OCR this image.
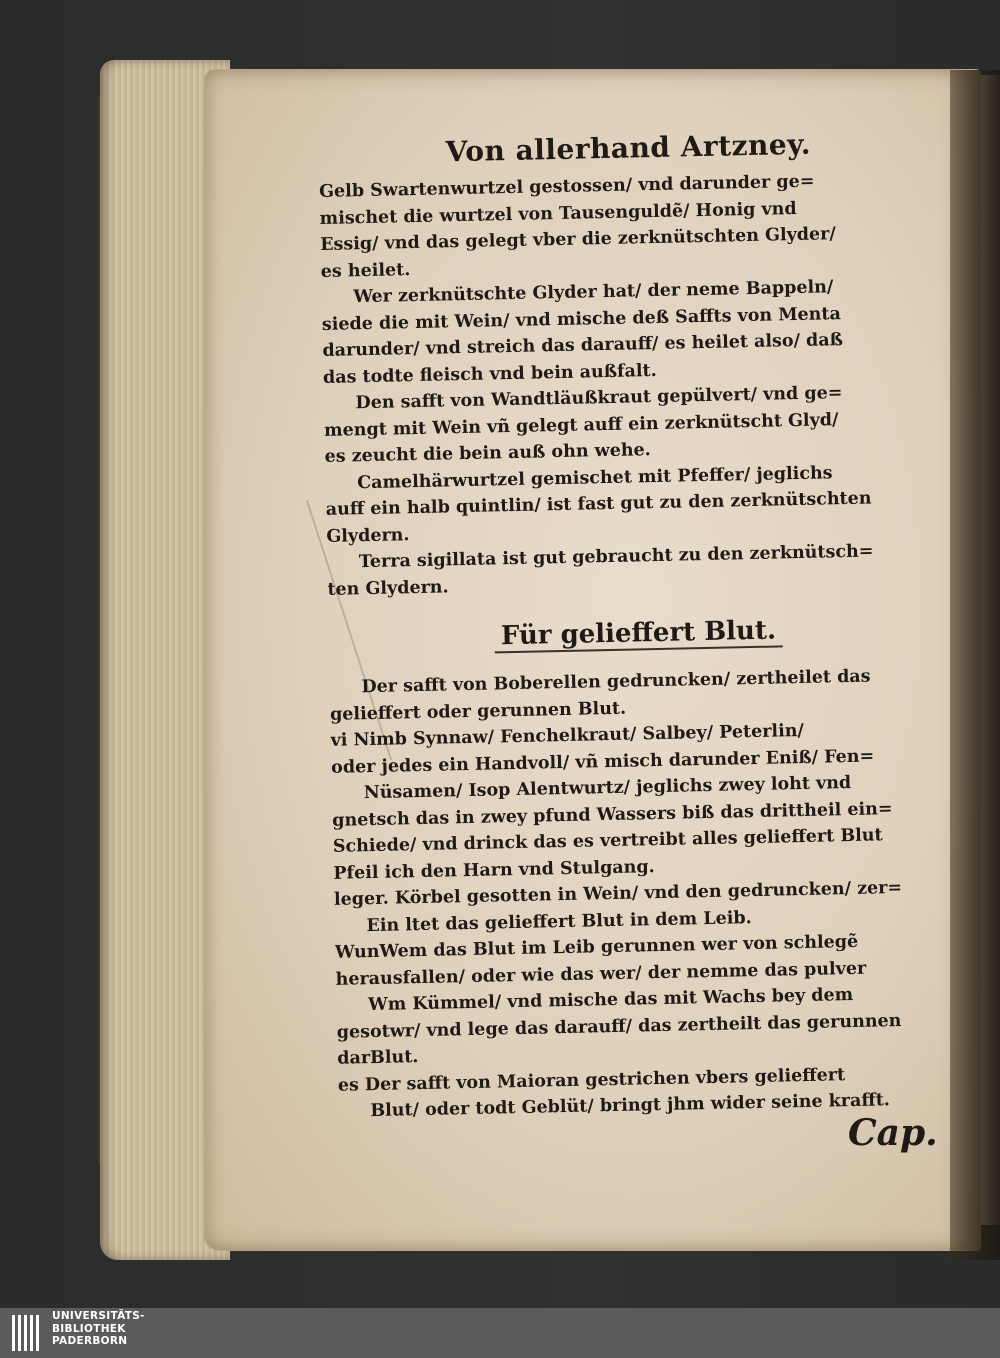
Von allerhand Artzney.
Gelb Swartenwurtzel gestossen/ vnd darunder ge=
mischet die wurtzel von Tausenguldẽ/ Honig vnd
Essig/ vnd das gelegt vber die zerknütschten Glyder/
es heilet.
Wer zerknütschte Glyder hat/ der neme Bappeln/
siede die mit Wein/ vnd mische deß Saffts von Menta
darunder/ vnd streich das darauff/ es heilet also/ daß
das todte fleisch vnd bein außfalt.
Den safft von Wandtläußkraut gepülvert/ vnd ge=
mengt mit Wein vñ gelegt auff ein zerknütscht Glyd/
es zeucht die bein auß ohn wehe.
Camelhärwurtzel gemischet mit Pfeffer/ jeglichs
auff ein halb quintlin/ ist fast gut zu den zerknütschten
Glydern.
Terra sigillata ist gut gebraucht zu den zerknütsch=
ten Glydern.
Für gelieffert Blut.
Der safft von Boberellen gedruncken/ zertheilet das
gelieffert oder gerunnen Blut.
vi Nimb Synnaw/ Fenchelkraut/ Salbey/ Peterlin/
oder jedes ein Handvoll/ vñ misch darunder Eniß/ Fen=
Nüsamen/ Isop Alentwurtz/ jeglichs zwey loht vnd
gnetsch das in zwey pfund Wassers biß das drittheil ein=
Schiede/ vnd drinck das es vertreibt alles gelieffert Blut
Pfeil ich den Harn vnd Stulgang.
leger. Körbel gesotten in Wein/ vnd den gedruncken/ zer=
Ein ltet das gelieffert Blut in dem Leib.
WunWem das Blut im Leib gerunnen wer von schlegẽ
herausfallen/ oder wie das wer/ der nemme das pulver
Wm Kümmel/ vnd mische das mit Wachs bey dem
gesotwr/ vnd lege das darauff/ das zertheilt das gerunnen
darBlut.
es Der safft von Maioran gestrichen vbers gelieffert
Blut/ oder todt Geblüt/ bringt jhm wider seine krafft.
Cap.
UNIVERSITÄTS-
BIBLIOTHEK
PADERBORN
